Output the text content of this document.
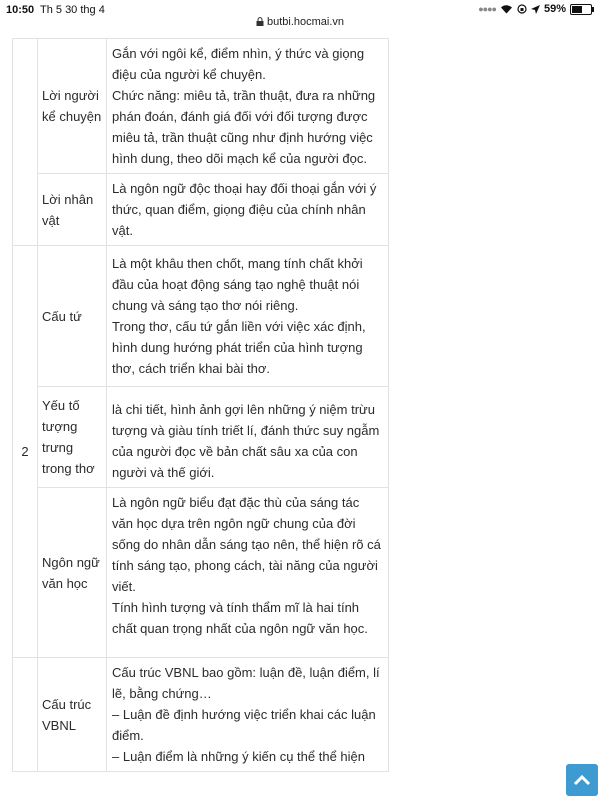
10:50 Th 5 30 thg 4
butbi.hocmai.vn
●●●●	59%
	Lời người kể chuyện	Gắn với ngôi kể, điểm nhìn, ý thức và giọng điệu của người kể chuyện.

Chức năng: miêu tả, trần thuật, đưa ra những phán đoán, đánh giá đối với đối tượng được miêu tả, trần thuật cũng như định hướng việc hình dung, theo dõi mạch kể của người đọc.

	Lời nhân vật	Là ngôn ngữ độc thoại hay đối thoại gắn với ý thức, quan điểm, giọng điệu của chính nhân vật.

2	Cấu tứ	Là một khâu then chốt, mang tính chất khởi đầu của hoạt động sáng tạo nghệ thuật nói chung và sáng tạo thơ nói riêng.

Trong thơ, cấu tứ gắn liền với việc xác định, hình dung hướng phát triển của hình tượng thơ, cách triển khai bài thơ.

	Yếu tố tượng trưng trong thơ	là chi tiết, hình ảnh gợi lên những ý niệm trừu tượng và giàu tính triết lí, đánh thức suy ngẫm của người đọc về bản chất sâu xa của con người và thế giới.

	Ngôn ngữ văn học	Là ngôn ngữ biểu đạt đặc thù của sáng tác văn học dựa trên ngôn ngữ chung của đời sống do nhân dẫn sáng tạo nên, thể hiện rõ cá tính sáng tạo, phong cách, tài năng của người viết.

Tính hình tượng và tính thẩm mĩ là hai tính chất quan trọng nhất của ngôn ngữ văn học.

	Cấu trúc VBNL	Cấu trúc VBNL bao gồm: luận đề, luận điểm, lí lẽ, bằng chứng…

– Luận đề định hướng việc triển khai các luận điểm.

– Luận điểm là những ý kiến cụ thể thể hiện
